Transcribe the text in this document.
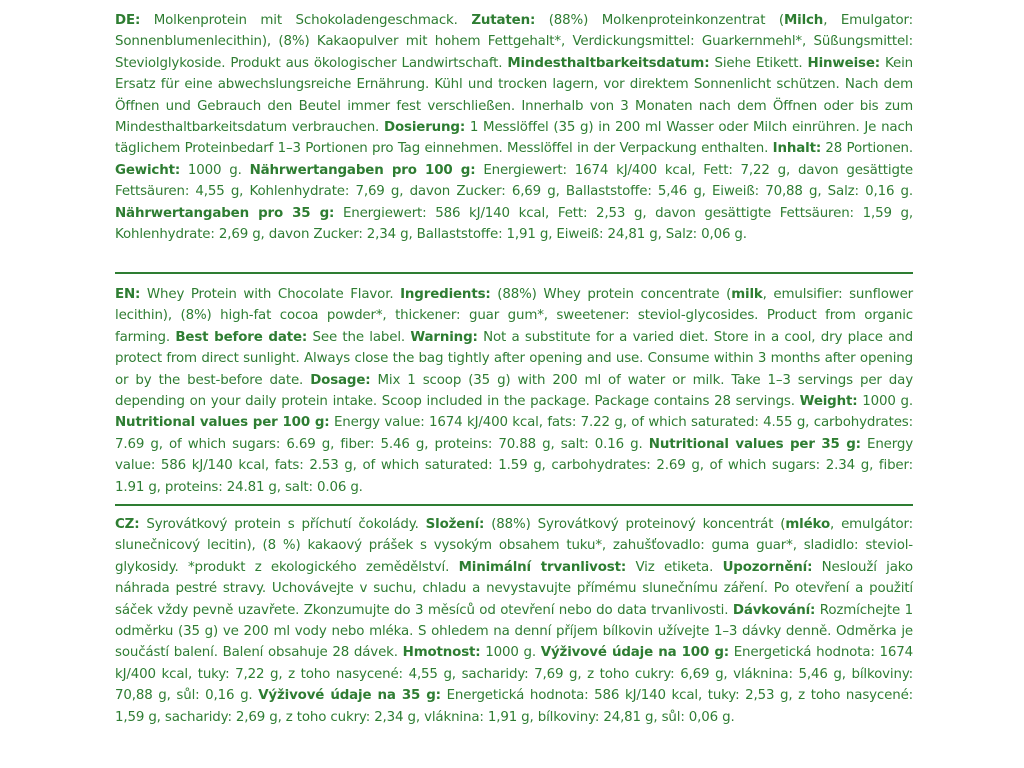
DE: Molkenprotein mit Schokoladengeschmack. Zutaten: (88%) Molkenproteinkonzentrat (Milch, Emulgator: Sonnenblumenlecithin), (8%) Kakaopulver mit hohem Fettgehalt*, Verdickungsmittel: Guarkernmehl*, Süßungsmittel: Steviolglykoside. Produkt aus ökologischer Landwirtschaft. Mindesthaltbarkeitsdatum: Siehe Etikett. Hinweise: Kein Ersatz für eine abwechslungsreiche Ernährung. Kühl und trocken lagern, vor direktem Sonnenlicht schützen. Nach dem Öffnen und Gebrauch den Beutel immer fest verschließen. Innerhalb von 3 Monaten nach dem Öffnen oder bis zum Mindesthaltbarkeitsdatum verbrauchen. Dosierung: 1 Messlöffel (35 g) in 200 ml Wasser oder Milch einrühren. Je nach täglichem Proteinbedarf 1–3 Portionen pro Tag einnehmen. Messlöffel in der Verpackung enthalten. Inhalt: 28 Portionen. Gewicht: 1000 g. Nährwertangaben pro 100 g: Energiewert: 1674 kJ/400 kcal, Fett: 7,22 g, davon gesättigte Fettsäuren: 4,55 g, Kohlenhydrate: 7,69 g, davon Zucker: 6,69 g, Ballaststoffe: 5,46 g, Eiweiß: 70,88 g, Salz: 0,16 g. Nährwertangaben pro 35 g: Energiewert: 586 kJ/140 kcal, Fett: 2,53 g, davon gesättigte Fettsäuren: 1,59 g, Kohlenhydrate: 2,69 g, davon Zucker: 2,34 g, Ballaststoffe: 1,91 g, Eiweiß: 24,81 g, Salz: 0,06 g.
EN: Whey Protein with Chocolate Flavor. Ingredients: (88%) Whey protein concentrate (milk, emulsifier: sunflower lecithin), (8%) high-fat cocoa powder*, thickener: guar gum*, sweetener: steviol-glycosides. Product from organic farming. Best before date: See the label. Warning: Not a substitute for a varied diet. Store in a cool, dry place and protect from direct sunlight. Always close the bag tightly after opening and use. Consume within 3 months after opening or by the best-before date. Dosage: Mix 1 scoop (35 g) with 200 ml of water or milk. Take 1–3 servings per day depending on your daily protein intake. Scoop included in the package. Package contains 28 servings. Weight: 1000 g. Nutritional values per 100 g: Energy value: 1674 kJ/400 kcal, fats: 7.22 g, of which saturated: 4.55 g, carbohydrates: 7.69 g, of which sugars: 6.69 g, fiber: 5.46 g, proteins: 70.88 g, salt: 0.16 g. Nutritional values per 35 g: Energy value: 586 kJ/140 kcal, fats: 2.53 g, of which saturated: 1.59 g, carbohydrates: 2.69 g, of which sugars: 2.34 g, fiber: 1.91 g, proteins: 24.81 g, salt: 0.06 g.
CZ: Syrovátkový protein s příchutí čokolády. Složení: (88%) Syrovátkový proteinový koncentrát (mléko, emulgátor: slunečnicový lecitin), (8 %) kakaový prášek s vysokým obsahem tuku*, zahušťovadlo: guma guar*, sladidlo: steviol-glykosidy. *produkt z ekologického zemědělství. Minimální trvanlivost: Viz etiketa. Upozornění: Neslouží jako náhrada pestré stravy. Uchovávejte v suchu, chladu a nevystavujte přímému slunečnímu záření. Po otevření a použití sáček vždy pevně uzavřete. Zkonzumujte do 3 měsíců od otevření nebo do data trvanlivosti. Dávkování: Rozmíchejte 1 odměrku (35 g) ve 200 ml vody nebo mléka. S ohledem na denní příjem bílkovin užívejte 1–3 dávky denně. Odměrka je součástí balení. Balení obsahuje 28 dávek. Hmotnost: 1000 g. Výživové údaje na 100 g: Energetická hodnota: 1674 kJ/400 kcal, tuky: 7,22 g, z toho nasycené: 4,55 g, sacharidy: 7,69 g, z toho cukry: 6,69 g, vláknina: 5,46 g, bílkoviny: 70,88 g, sůl: 0,16 g. Výživové údaje na 35 g: Energetická hodnota: 586 kJ/140 kcal, tuky: 2,53 g, z toho nasycené: 1,59 g, sacharidy: 2,69 g, z toho cukry: 2,34 g, vláknina: 1,91 g, bílkoviny: 24,81 g, sůl: 0,06 g.
